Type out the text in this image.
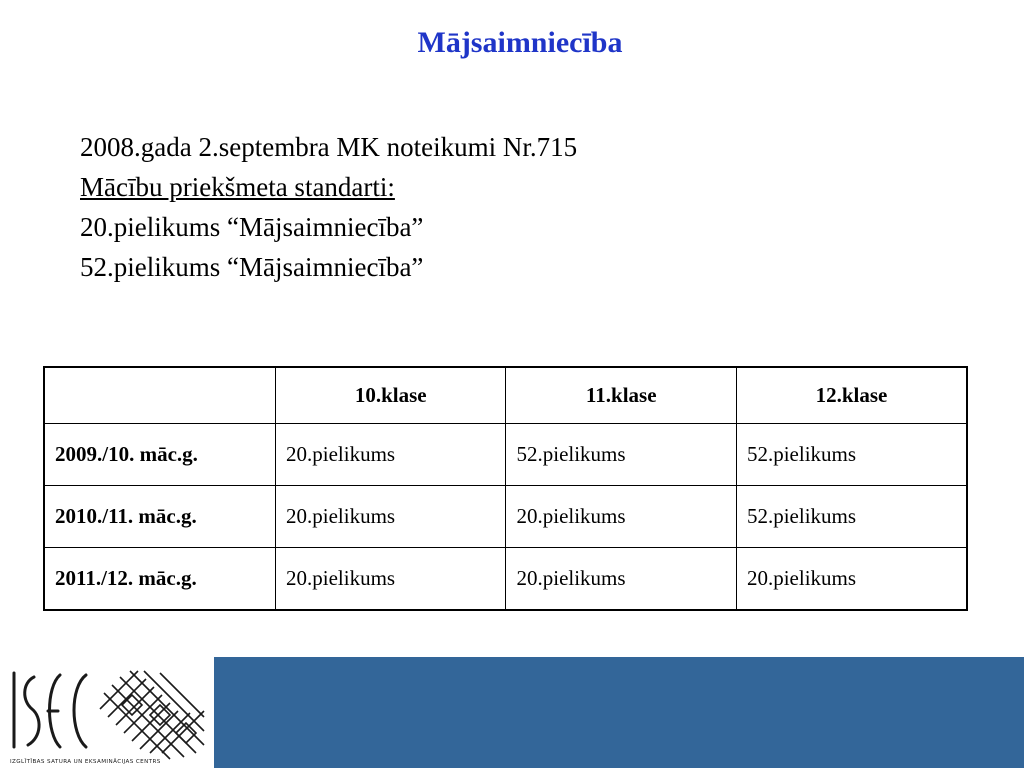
Mājsaimniecība
2008.gada 2.septembra MK noteikumi Nr.715
Mācību priekšmeta standarti:
20.pielikums “Mājsaimniecība”
52.pielikums “Mājsaimniecība”
	10.klase	11.klase	12.klase
2009./10. māc.g.	20.pielikums	52.pielikums	52.pielikums
2010./11. māc.g.	20.pielikums	20.pielikums	52.pielikums
2011./12. māc.g.	20.pielikums	20.pielikums	20.pielikums
IZGLĪTĪBAS SATURA UN EKSAMINĀCIJAS CENTRS
